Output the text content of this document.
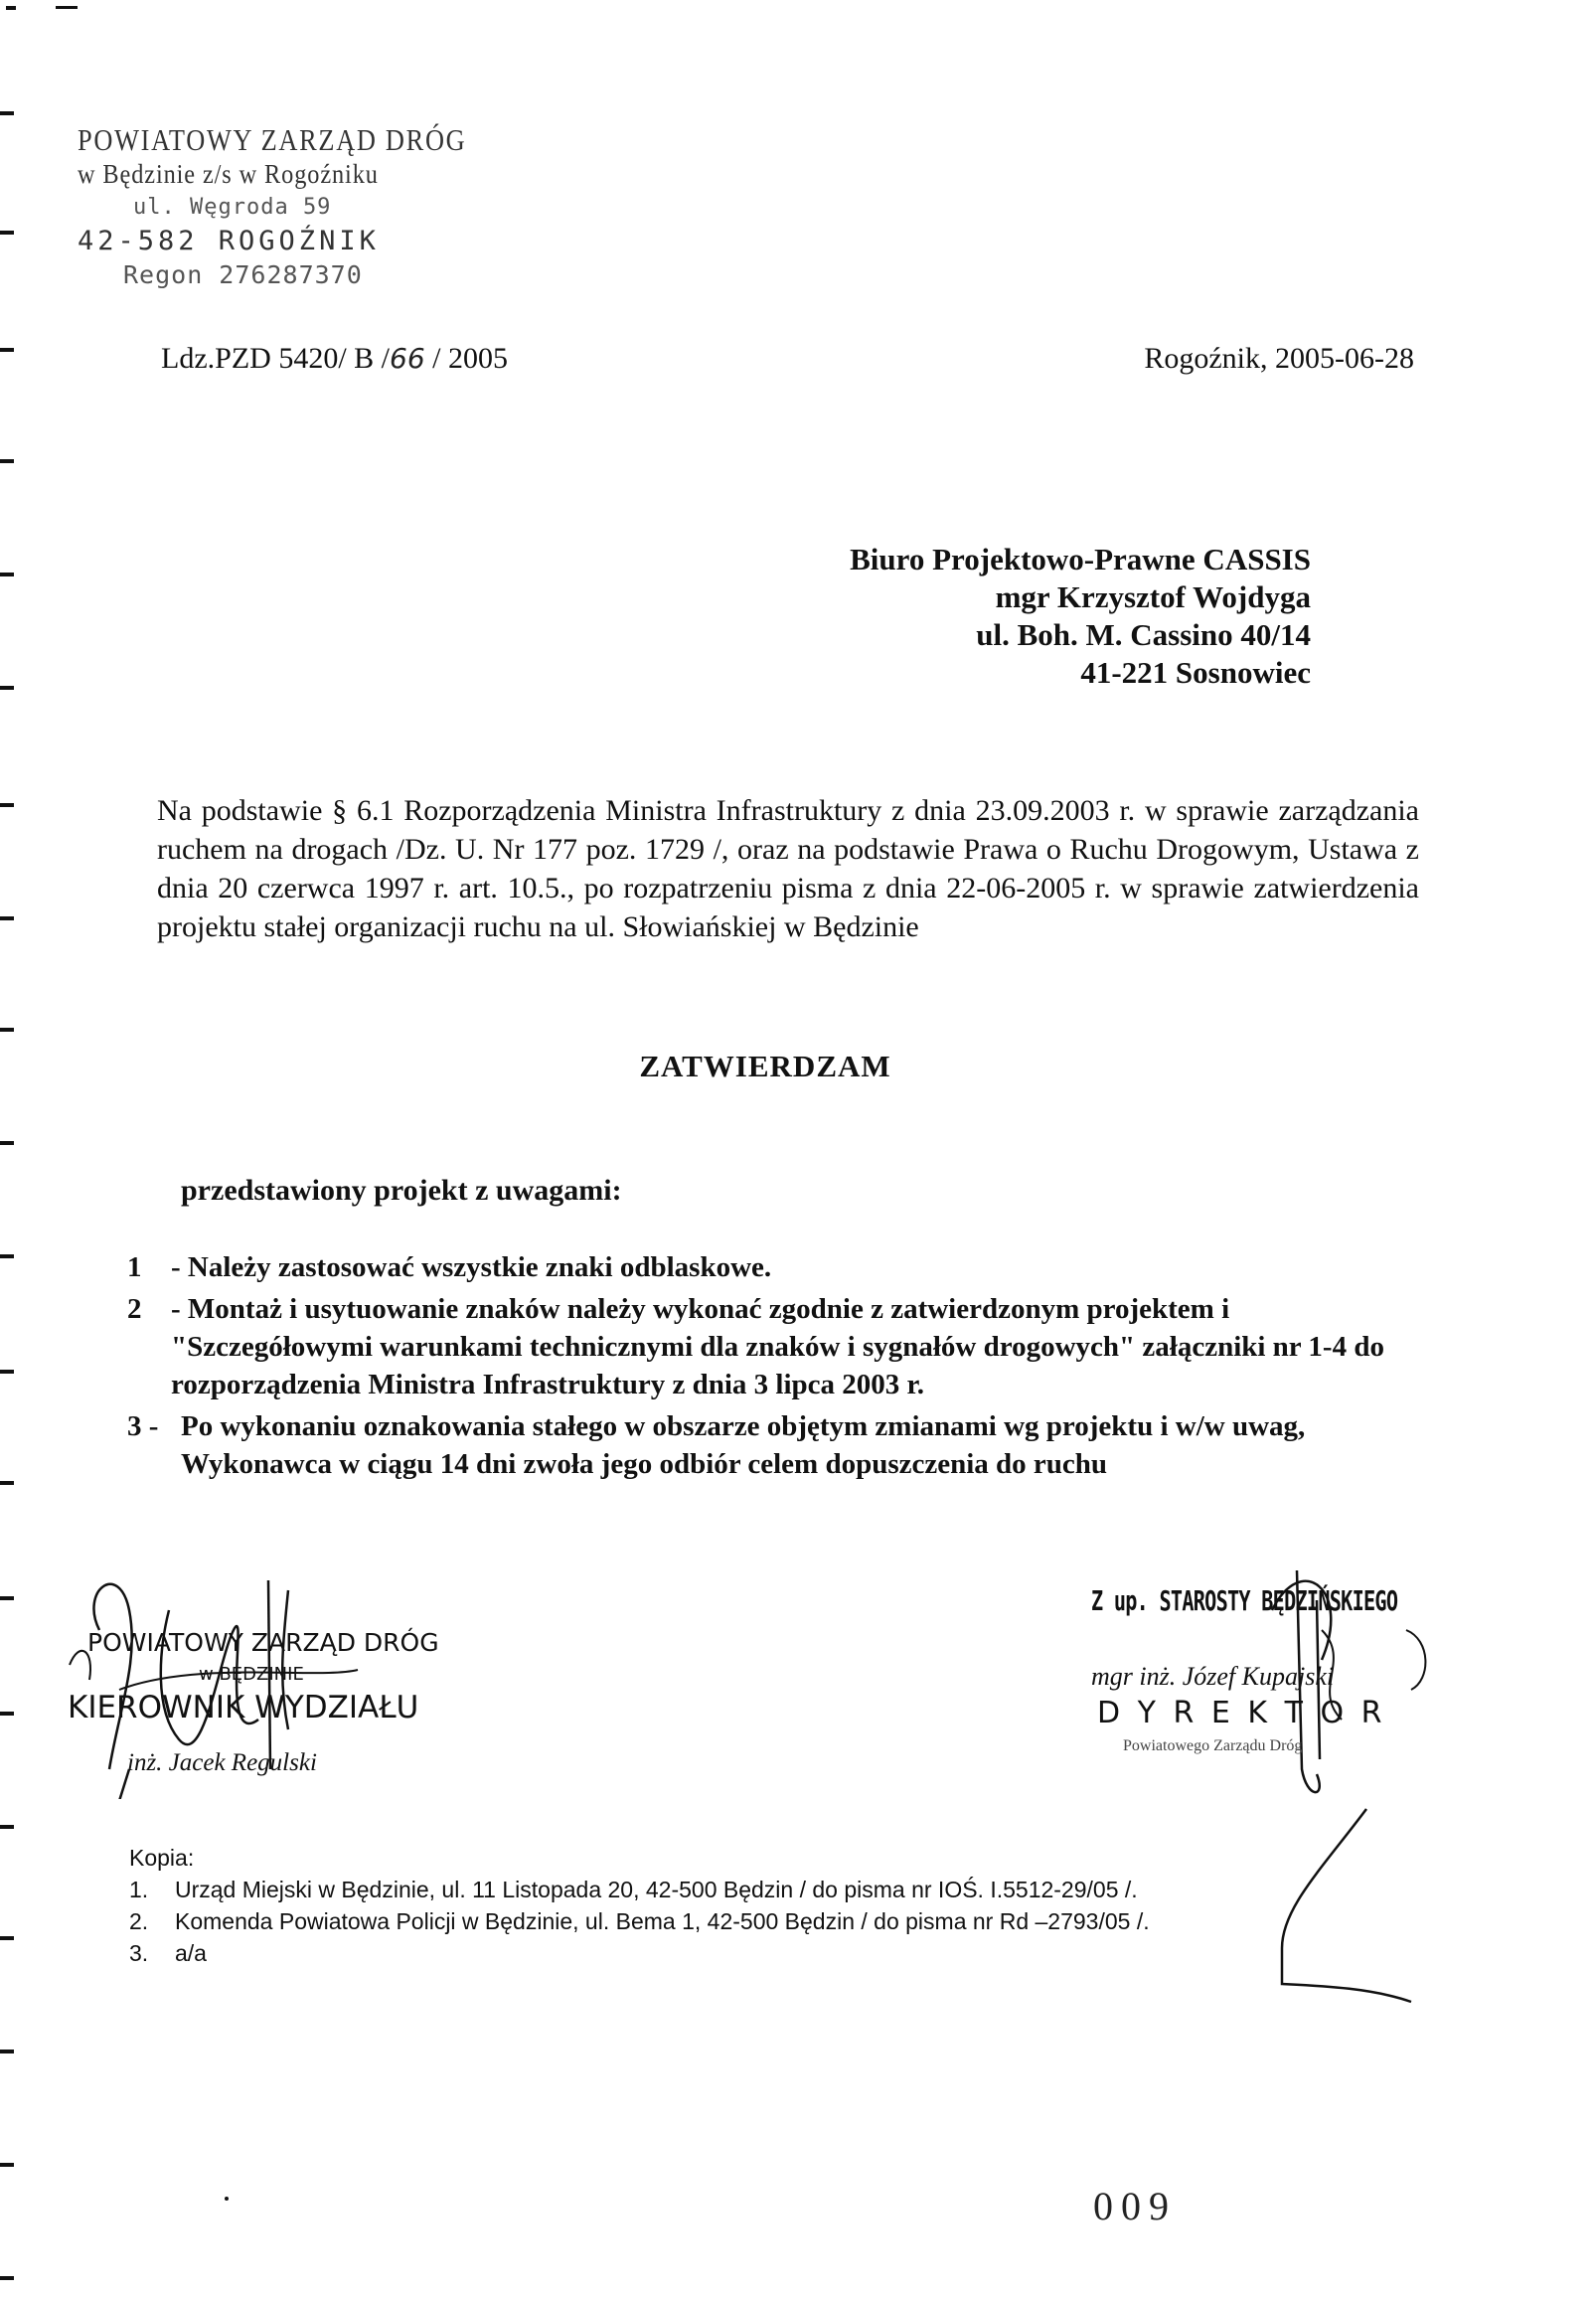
POWIATOWY ZARZĄD DRÓG
w Będzinie z/s w Rogoźniku
ul. Węgroda 59
42-582 ROGOŹNIK
Regon 276287370
Ldz.PZD 5420/ B /66 / 2005	Rogoźnik, 2005-06-28
Biuro Projektowo-Prawne CASSIS
mgr Krzysztof Wojdyga
ul. Boh. M. Cassino 40/14
41-221 Sosnowiec
Na podstawie § 6.1 Rozporządzenia Ministra Infrastruktury z dnia 23.09.2003 r. w sprawie zarządzania ruchem na drogach /Dz. U. Nr 177 poz. 1729 /, oraz na podstawie Prawa o Ruchu Drogowym, Ustawa z dnia 20 czerwca 1997 r. art. 10.5., po rozpatrzeniu pisma z dnia 22-06-2005 r. w sprawie zatwierdzenia projektu stałej organizacji ruchu na ul. Słowiańskiej w Będzinie
ZATWIERDZAM
przedstawiony projekt z uwagami:
1	- Należy zastosować wszystkie znaki odblaskowe.
2	- Montaż i usytuowanie znaków należy wykonać zgodnie z zatwierdzonym projektem i "Szczegółowymi warunkami technicznymi dla znaków i sygnałów drogowych" załączniki nr 1-4 do rozporządzenia Ministra Infrastruktury z dnia 3 lipca 2003 r.
3 - Po wykonaniu oznakowania stałego w obszarze objętym zmianami wg projektu i w/w uwag, Wykonawca w ciągu 14 dni zwoła jego odbiór celem dopuszczenia do ruchu
POWIATOWY ZARZĄD DRÓG
w BĘDZINIE
KIEROWNIK WYDZIAŁU
inż. Jacek Regulski
Z up. STAROSTY BĘDZIŃSKIEGO
mgr inż. Józef Kupajski
D Y R E K T O R
Powiatowego Zarządu Dróg
Kopia:
1.	Urząd Miejski w Będzinie, ul. 11 Listopada 20, 42-500 Będzin / do pisma nr IOŚ. I.5512-29/05 /.
2.	Komenda Powiatowa Policji w Będzinie, ul. Bema 1, 42-500 Będzin / do pisma nr Rd –2793/05 /.
3.	a/a
009
